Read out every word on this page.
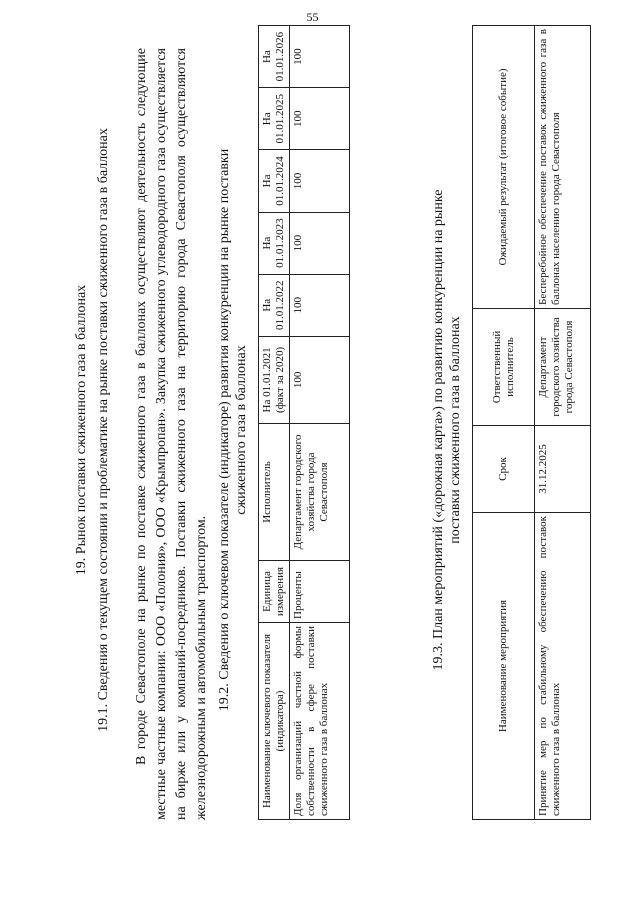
55
19. Рынок поставки сжиженного газа в баллонах 19.1. Сведения о текущем состоянии и проблематике на рынке поставки сжиженного газа в баллонах В городе Севастополе на рынке по поставке сжиженного газа в баллонах осуществляют деятельность следующие местные частные компании: ООО «Полония», ООО «Крымпропан». Закупка сжиженного углеводородного газа осуществляется на бирже или у компаний-посредников. Поставки сжиженного газа на территорию города Севастополя осуществляются железнодорожным и автомобильным транспортом. 19.2. Сведения о ключевом показателе (индикаторе) развития конкуренции на рынке поставки сжиженного газа в баллонах
Наименование ключевого показателя (индикатора)	Единица измерения	Исполнитель	На 01.01.2021 (факт за 2020)	На 01.01.2022	На 01.01.2023	На 01.01.2024	На 01.01.2025	На 01.01.2026
Доля организаций частной формы собственности в сфере поставки сжиженного газа в баллонах	Проценты	Департамент городского хозяйства города Севастополя	100	100	100	100	100	100
19.3. План мероприятий («дорожная карта») по развитию конкуренции на рынке поставки сжиженного газа в баллонах
Наименование мероприятия	Срок	Ответственный исполнитель	Ожидаемый результат (итоговое событие)
Принятие мер по стабильному обеспечению поставок сжиженного газа в баллонах	31.12.2025	Департамент городского хозяйства города Севастополя	Бесперебойное обеспечение поставок сжиженного газа в баллонах населению города Севастополя
